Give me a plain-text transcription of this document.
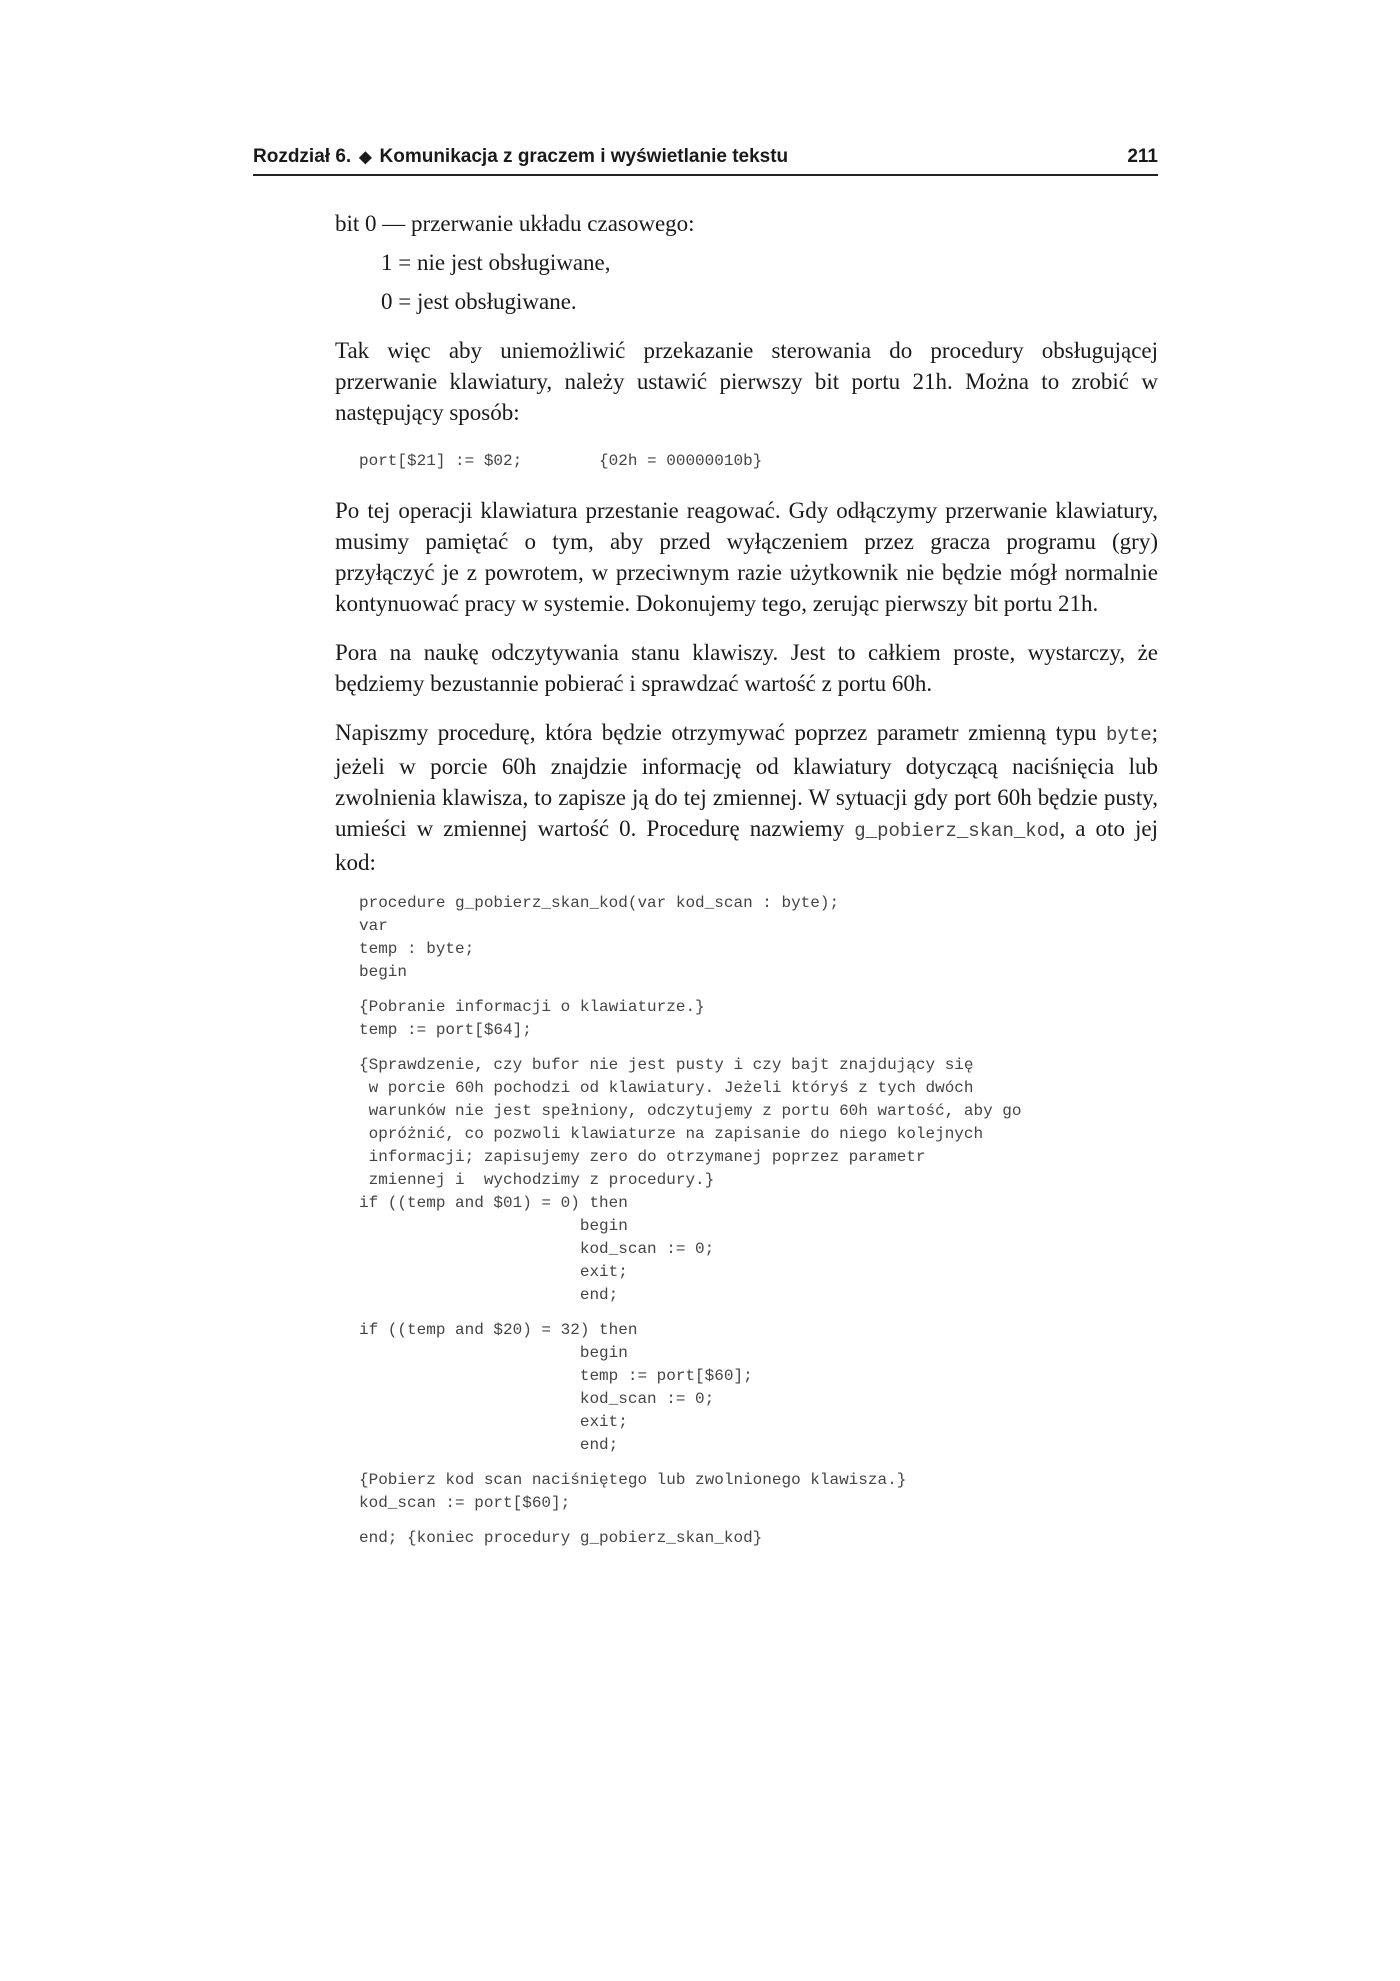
Rozdział 6. ◆ Komunikacja z graczem i wyświetlanie tekstu	211

bit 0 — przerwanie układu czasowego:

1 = nie jest obsługiwane,

0 = jest obsługiwane.

Tak więc aby uniemożliwić przekazanie sterowania do procedury obsługującej przerwanie klawiatury, należy ustawić pierwszy bit portu 21h. Można to zrobić w następujący sposób:

port[$21] := $02;        {02h = 00000010b}

Po tej operacji klawiatura przestanie reagować. Gdy odłączymy przerwanie klawiatury, musimy pamiętać o tym, aby przed wyłączeniem przez gracza programu (gry) przyłączyć je z powrotem, w przeciwnym razie użytkownik nie będzie mógł normalnie kontynuować pracy w systemie. Dokonujemy tego, zerując pierwszy bit portu 21h.

Pora na naukę odczytywania stanu klawiszy. Jest to całkiem proste, wystarczy, że będziemy bezustannie pobierać i sprawdzać wartość z portu 60h.

Napiszmy procedurę, która będzie otrzymywać poprzez parametr zmienną typu byte; jeżeli w porcie 60h znajdzie informację od klawiatury dotyczącą naciśnięcia lub zwolnienia klawisza, to zapisze ją do tej zmiennej. W sytuacji gdy port 60h będzie pusty, umieści w zmiennej wartość 0. Procedurę nazwiemy g_pobierz_skan_kod, a oto jej kod:

procedure g_pobierz_skan_kod(var kod_scan : byte);
var
temp : byte;
begin
{Pobranie informacji o klawiaturze.}
temp := port[$64];
{Sprawdzenie, czy bufor nie jest pusty i czy bajt znajdujący się
w porcie 60h pochodzi od klawiatury. Jeżeli któryś z tych dwóch
warunków nie jest spełniony, odczytujemy z portu 60h wartość, aby go
opróżnić, co pozwoli klawiaturze na zapisanie do niego kolejnych
informacji; zapisujemy zero do otrzymanej poprzez parametr
zmiennej i  wychodzimy z procedury.}
if ((temp and $01) = 0) then
begin
kod_scan := 0;
exit;
end;
if ((temp and $20) = 32) then
begin
temp := port[$60];
kod_scan := 0;
exit;
end;
{Pobierz kod scan naciśniętego lub zwolnionego klawisza.}
kod_scan := port[$60];
end; {koniec procedury g_pobierz_skan_kod}
